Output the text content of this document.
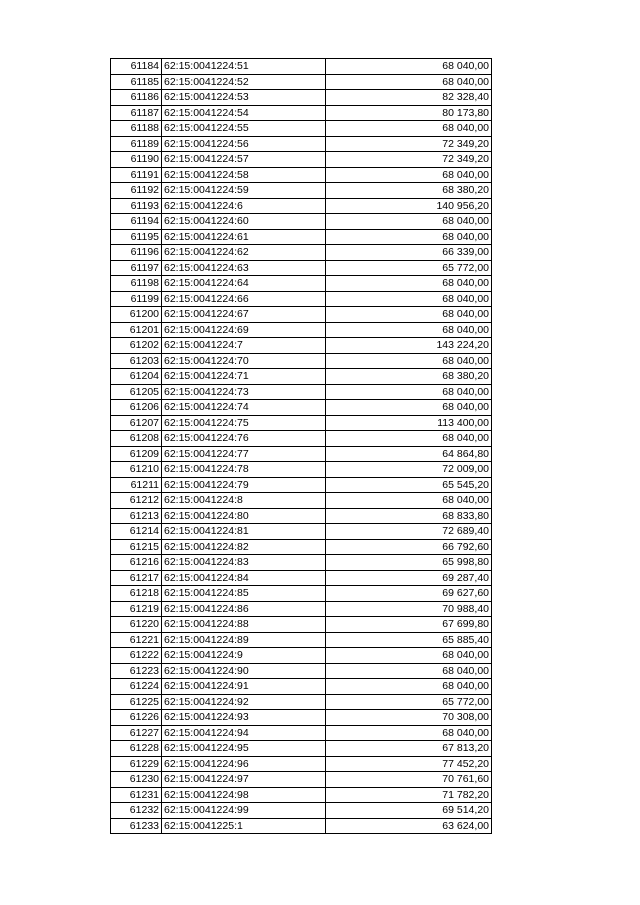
61184	62:15:0041224:51	68 040,00
61185	62:15:0041224:52	68 040,00
61186	62:15:0041224:53	82 328,40
61187	62:15:0041224:54	80 173,80
61188	62:15:0041224:55	68 040,00
61189	62:15:0041224:56	72 349,20
61190	62:15:0041224:57	72 349,20
61191	62:15:0041224:58	68 040,00
61192	62:15:0041224:59	68 380,20
61193	62:15:0041224:6	140 956,20
61194	62:15:0041224:60	68 040,00
61195	62:15:0041224:61	68 040,00
61196	62:15:0041224:62	66 339,00
61197	62:15:0041224:63	65 772,00
61198	62:15:0041224:64	68 040,00
61199	62:15:0041224:66	68 040,00
61200	62:15:0041224:67	68 040,00
61201	62:15:0041224:69	68 040,00
61202	62:15:0041224:7	143 224,20
61203	62:15:0041224:70	68 040,00
61204	62:15:0041224:71	68 380,20
61205	62:15:0041224:73	68 040,00
61206	62:15:0041224:74	68 040,00
61207	62:15:0041224:75	113 400,00
61208	62:15:0041224:76	68 040,00
61209	62:15:0041224:77	64 864,80
61210	62:15:0041224:78	72 009,00
61211	62:15:0041224:79	65 545,20
61212	62:15:0041224:8	68 040,00
61213	62:15:0041224:80	68 833,80
61214	62:15:0041224:81	72 689,40
61215	62:15:0041224:82	66 792,60
61216	62:15:0041224:83	65 998,80
61217	62:15:0041224:84	69 287,40
61218	62:15:0041224:85	69 627,60
61219	62:15:0041224:86	70 988,40
61220	62:15:0041224:88	67 699,80
61221	62:15:0041224:89	65 885,40
61222	62:15:0041224:9	68 040,00
61223	62:15:0041224:90	68 040,00
61224	62:15:0041224:91	68 040,00
61225	62:15:0041224:92	65 772,00
61226	62:15:0041224:93	70 308,00
61227	62:15:0041224:94	68 040,00
61228	62:15:0041224:95	67 813,20
61229	62:15:0041224:96	77 452,20
61230	62:15:0041224:97	70 761,60
61231	62:15:0041224:98	71 782,20
61232	62:15:0041224:99	69 514,20
61233	62:15:0041225:1	63 624,00
